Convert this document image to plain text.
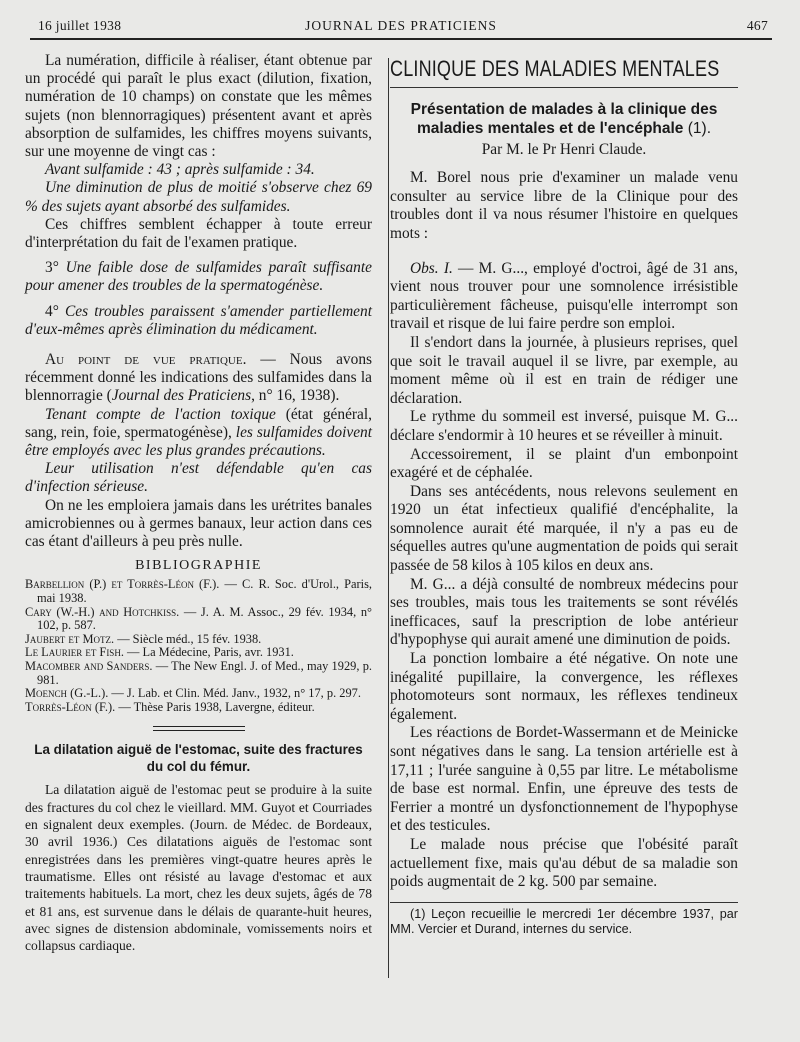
16 juillet 1938	JOURNAL DES PRATICIENS	467

La numération, difficile à réaliser, étant obtenue par un procédé qui paraît le plus exact (dilution, fixation, numération de 10 champs) on constate que les mêmes sujets (non blennorragiques) présentent avant et après absorption de sulfamides, les chiffres moyens suivants, sur une moyenne de vingt cas :

Avant sulfamide : 43 ; après sulfamide : 34.

Une diminution de plus de moitié s'observe chez 69 % des sujets ayant absorbé des sulfamides.

Ces chiffres semblent échapper à toute erreur d'interprétation du fait de l'examen pratique.

3° Une faible dose de sulfamides paraît suffisante pour amener des troubles de la spermatogénèse.

4° Ces troubles paraissent s'amender partiellement d'eux-mêmes après élimination du médicament.

Au point de vue pratique. — Nous avons récemment donné les indications des sulfamides dans la blennorragie (Journal des Praticiens, n° 16, 1938).

Tenant compte de l'action toxique (état général, sang, rein, foie, spermatogénèse), les sulfamides doivent être employés avec les plus grandes précautions.

Leur utilisation n'est défendable qu'en cas d'infection sérieuse.

On ne les emploiera jamais dans les urétrites banales amicrobiennes ou à germes banaux, leur action dans ces cas étant d'ailleurs à peu près nulle.

BIBLIOGRAPHIE

Barbellion (P.) et Torrès-Léon (F.). — C. R. Soc. d'Urol., Paris, mai 1938.

Cary (W.-H.) and Hotchkiss. — J. A. M. Assoc., 29 fév. 1934, n° 102, p. 587.

Jaubert et Motz. — Siècle méd., 15 fév. 1938.

Le Laurier et Fish. — La Médecine, Paris, avr. 1931.

Macomber and Sanders. — The New Engl. J. of Med., may 1929, p. 981.

Moench (G.-L.). — J. Lab. et Clin. Méd. Janv., 1932, n° 17, p. 297.

Torrès-Léon (F.). — Thèse Paris 1938, Lavergne, éditeur.

La dilatation aiguë de l'estomac, suite des fractures du col du fémur.

La dilatation aiguë de l'estomac peut se produire à la suite des fractures du col chez le vieillard. MM. Guyot et Courriades en signalent deux exemples. (Journ. de Médec. de Bordeaux, 30 avril 1936.) Ces dilatations aiguës de l'estomac sont enregistrées dans les premières vingt-quatre heures après le traumatisme. Elles ont résisté au lavage d'estomac et aux traitements habituels. La mort, chez les deux sujets, âgés de 78 et 81 ans, est survenue dans le délais de quarante-huit heures, avec signes de distension abdominale, vomissements noirs et collapsus cardiaque.

CLINIQUE DES MALADIES MENTALES
Présentation de malades à la clinique des maladies mentales et de l'encéphale (1).
Par M. le Pr Henri Claude.

M. Borel nous prie d'examiner un malade venu consulter au service libre de la Clinique pour des troubles dont il va nous résumer l'histoire en quelques mots :

Obs. I. — M. G..., employé d'octroi, âgé de 31 ans, vient nous trouver pour une somnolence irrésistible particulièrement fâcheuse, puisqu'elle interrompt son travail et risque de lui faire perdre son emploi.

Il s'endort dans la journée, à plusieurs reprises, quel que soit le travail auquel il se livre, par exemple, au moment même où il est en train de rédiger une déclaration.

Le rythme du sommeil est inversé, puisque M. G... déclare s'endormir à 10 heures et se réveiller à minuit.

Accessoirement, il se plaint d'un embonpoint exagéré et de céphalée.

Dans ses antécédents, nous relevons seulement en 1920 un état infectieux qualifié d'encéphalite, la somnolence aurait été marquée, il n'y a pas eu de séquelles autres qu'une augmentation de poids qui serait passée de 58 kilos à 105 kilos en deux ans.

M. G... a déjà consulté de nombreux médecins pour ses troubles, mais tous les traitements se sont révélés inefficaces, sauf la prescription de lobe antérieur d'hypophyse qui aurait amené une diminution de poids.

La ponction lombaire a été négative. On note une inégalité pupillaire, la convergence, les réflexes photomoteurs sont normaux, les réflexes tendineux également.

Les réactions de Bordet-Wassermann et de Meinicke sont négatives dans le sang. La tension artérielle est à 17,11 ; l'urée sanguine à 0,55 par litre. Le métabolisme de base est normal. Enfin, une épreuve des tests de Ferrier a montré un dysfonctionnement de l'hypophyse et des testicules.

Le malade nous précise que l'obésité paraît actuellement fixe, mais qu'au début de sa maladie son poids augmentait de 2 kg. 500 par semaine.

(1) Leçon recueillie le mercredi 1er décembre 1937, par MM. Vercier et Durand, internes du service.
